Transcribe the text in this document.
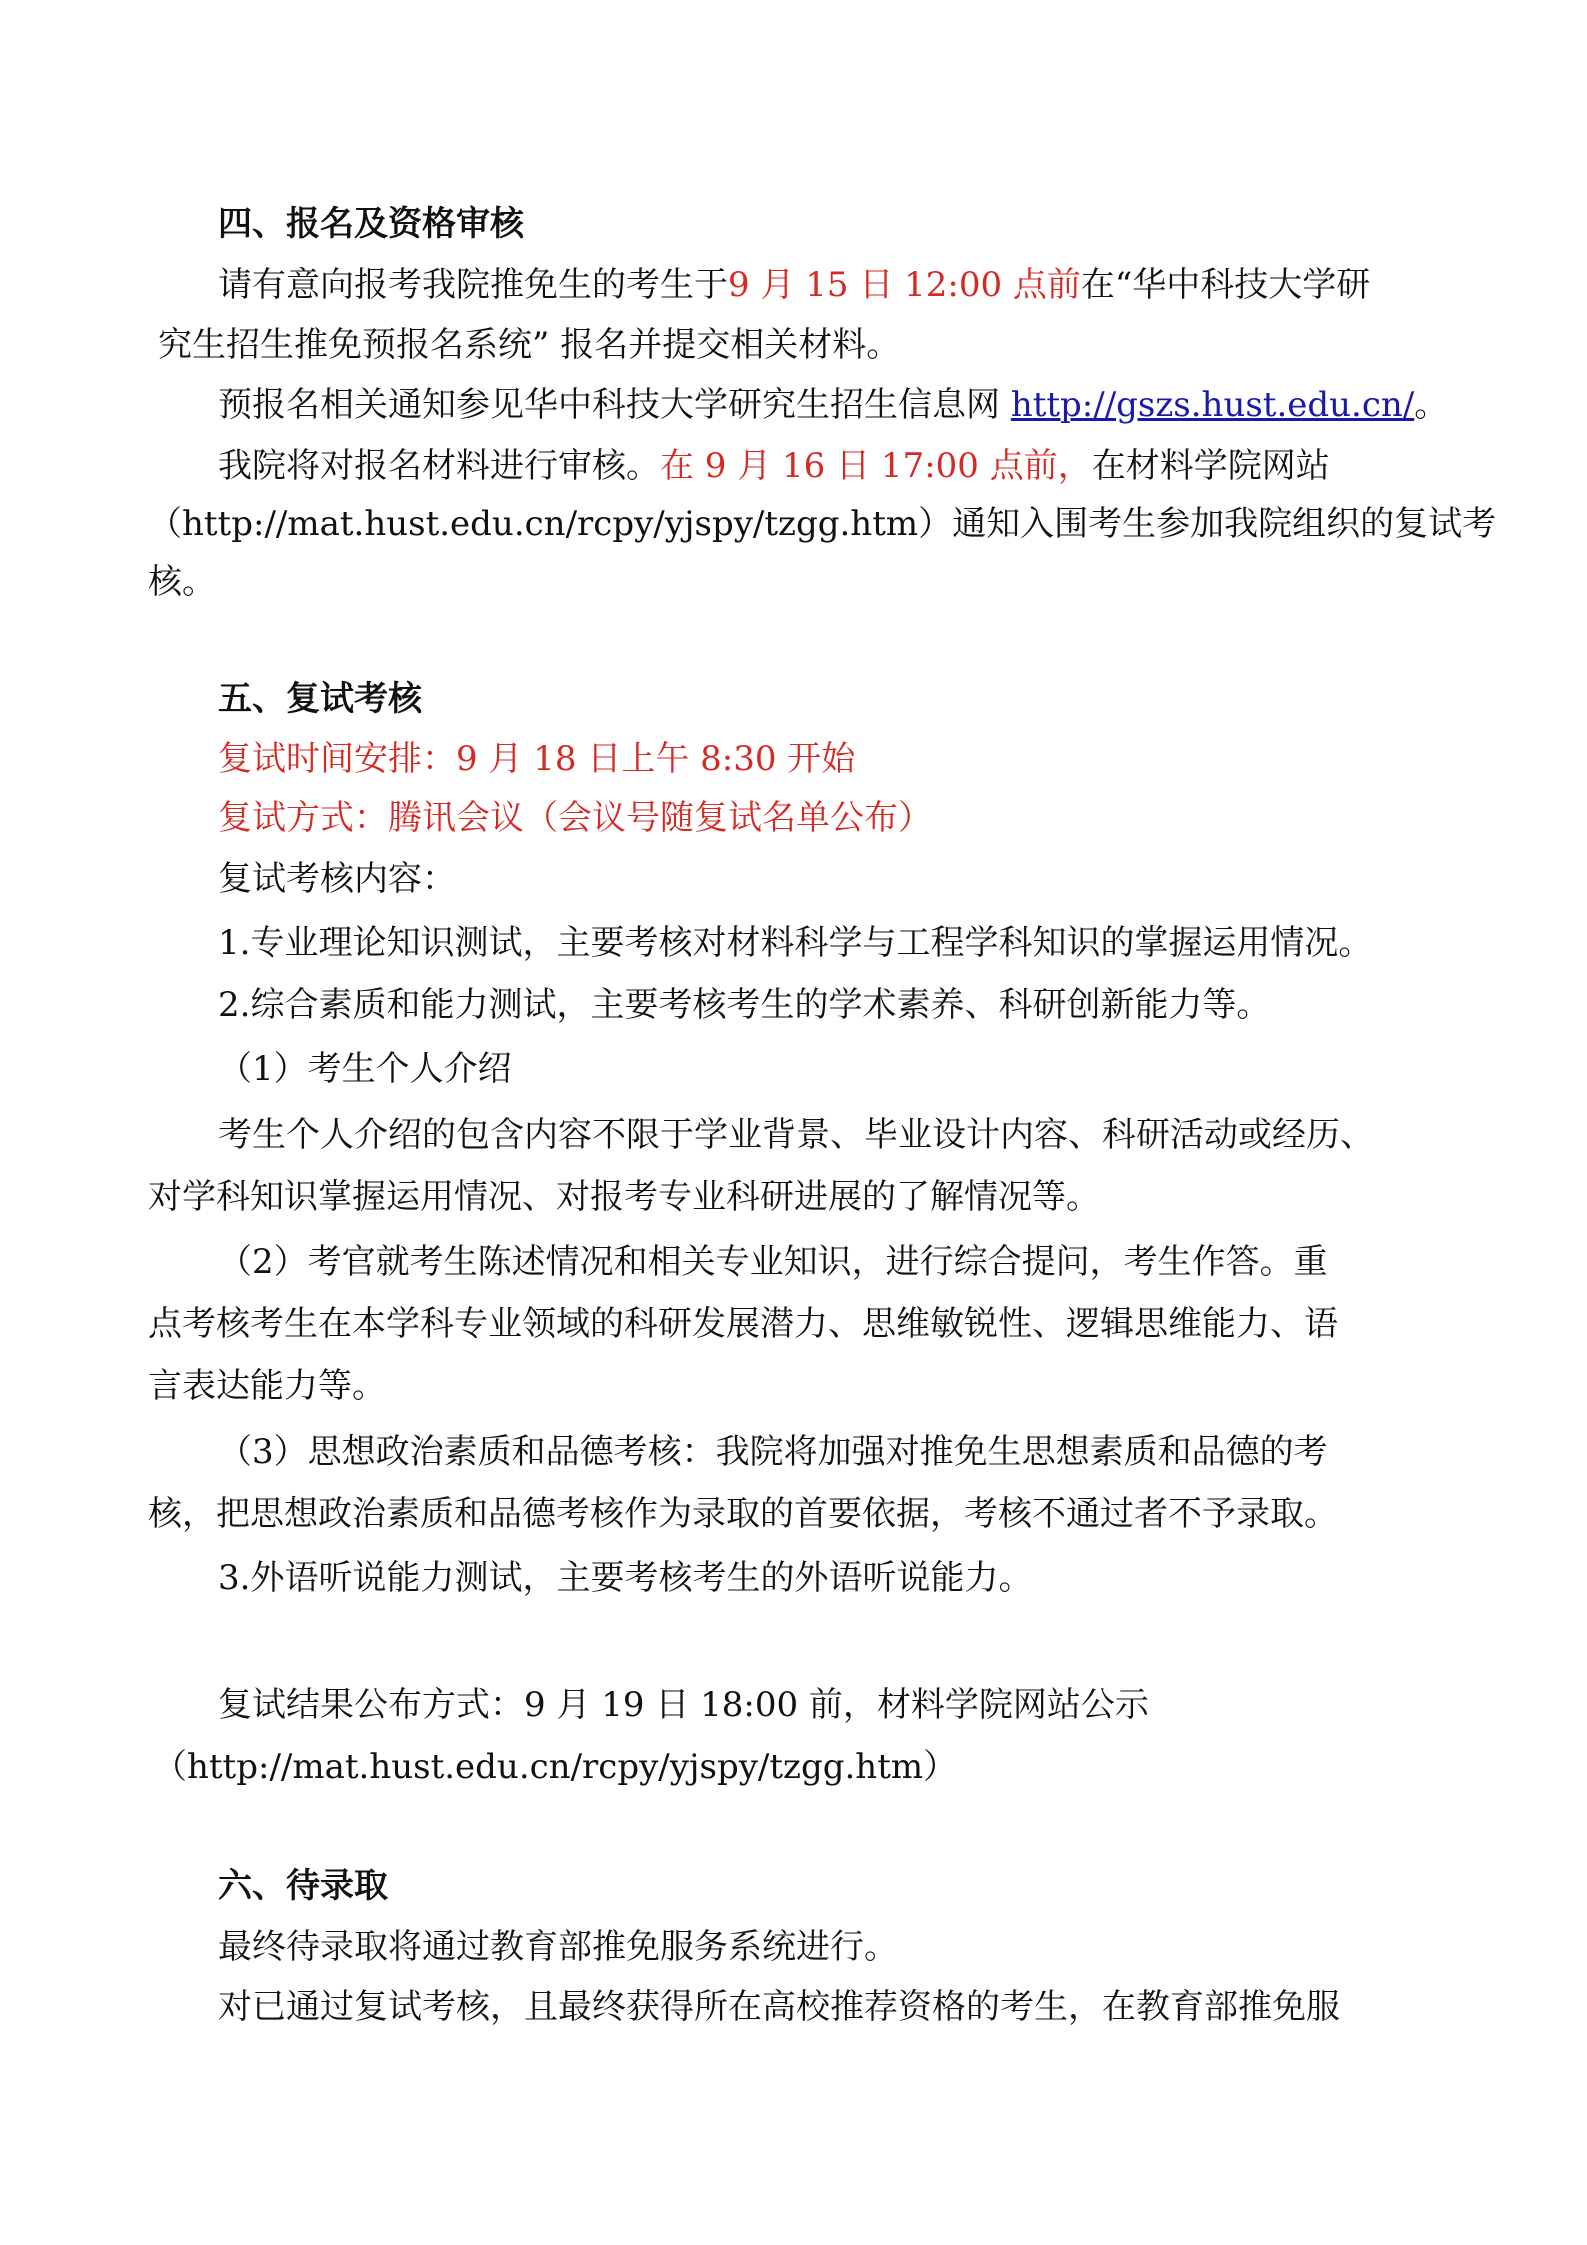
四、报名及资格审核
请有意向报考我院推免生的考生于9 月 15 日 12:00 点前在“华中科技大学研
究生招生推免预报名系统” 报名并提交相关材料。
预报名相关通知参见华中科技大学研究生招生信息网 http://gszs.hust.edu.cn/。
我院将对报名材料进行审核。在 9 月 16 日 17:00 点前，在材料学院网站
（http://mat.hust.edu.cn/rcpy/yjspy/tzgg.htm）通知入围考生参加我院组织的复试考
核。
五、复试考核
复试时间安排：9 月 18 日上午 8:30 开始
复试方式：腾讯会议（会议号随复试名单公布）
复试考核内容：
1.专业理论知识测试，主要考核对材料科学与工程学科知识的掌握运用情况。
2.综合素质和能力测试，主要考核考生的学术素养、科研创新能力等。
（1）考生个人介绍
考生个人介绍的包含内容不限于学业背景、毕业设计内容、科研活动或经历、
对学科知识掌握运用情况、对报考专业科研进展的了解情况等。
（2）考官就考生陈述情况和相关专业知识，进行综合提问，考生作答。重
点考核考生在本学科专业领域的科研发展潜力、思维敏锐性、逻辑思维能力、语
言表达能力等。
（3）思想政治素质和品德考核：我院将加强对推免生思想素质和品德的考
核，把思想政治素质和品德考核作为录取的首要依据，考核不通过者不予录取。
3.外语听说能力测试，主要考核考生的外语听说能力。
复试结果公布方式：9 月 19 日 18:00 前，材料学院网站公示
（http://mat.hust.edu.cn/rcpy/yjspy/tzgg.htm）
六、待录取
最终待录取将通过教育部推免服务系统进行。
对已通过复试考核，且最终获得所在高校推荐资格的考生，在教育部推免服
